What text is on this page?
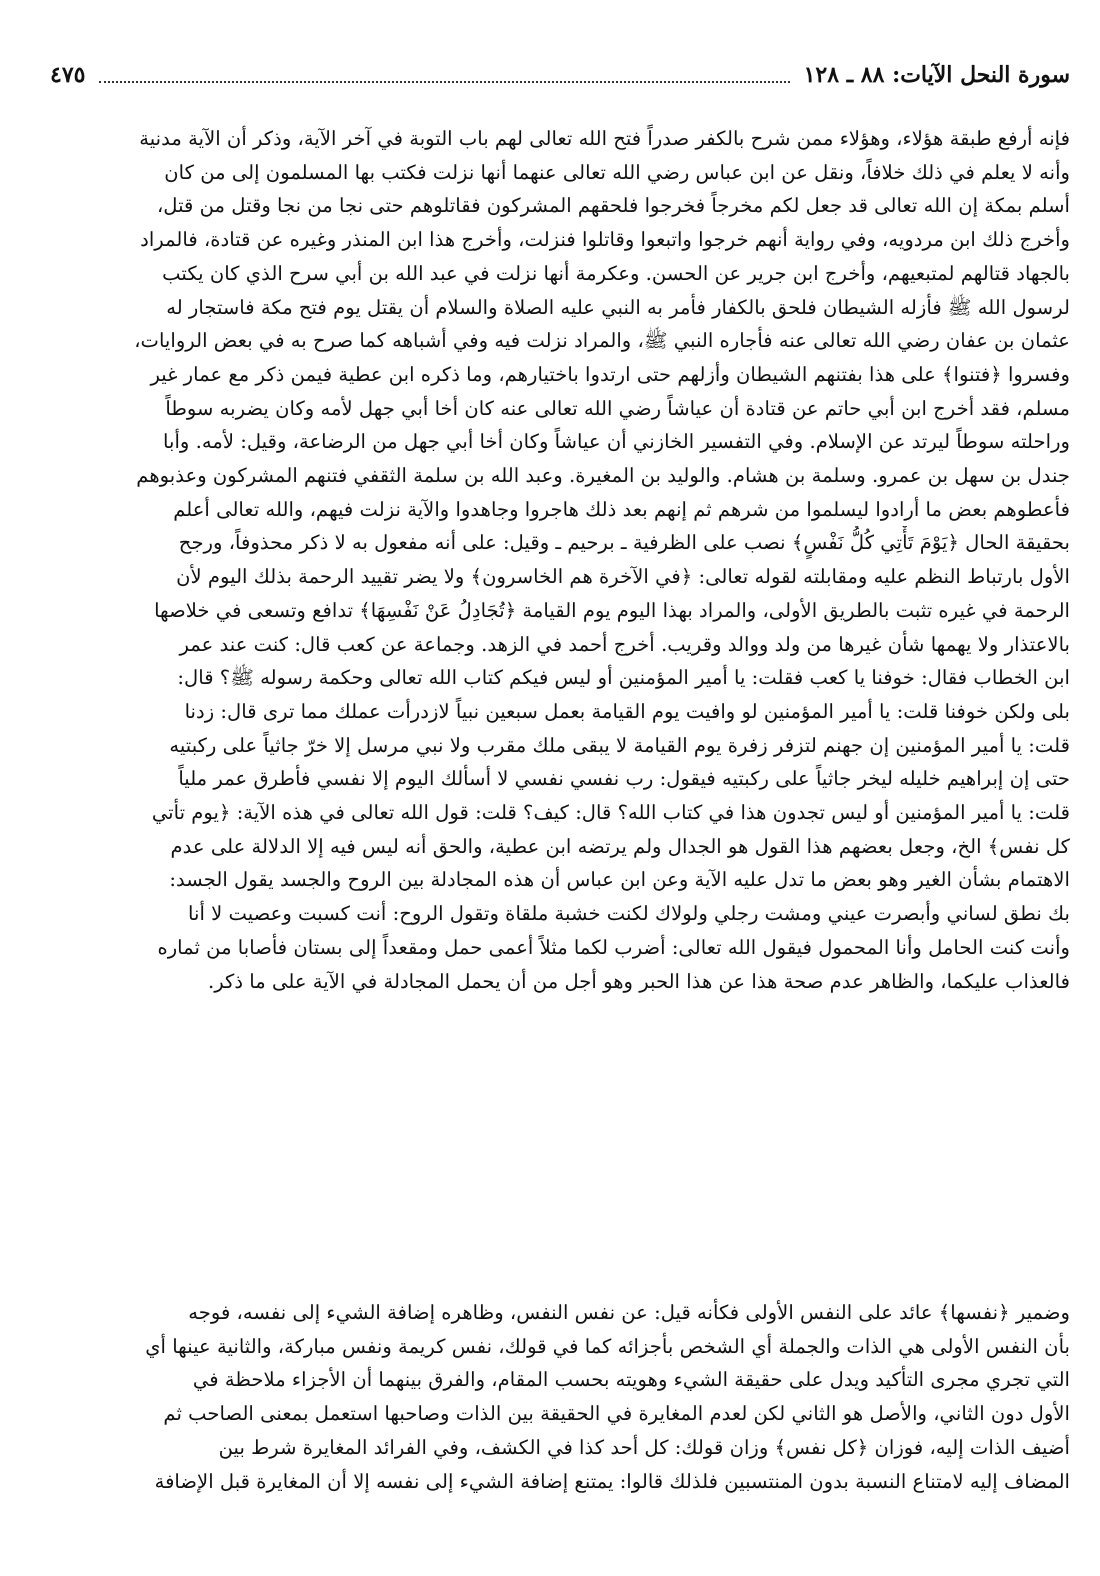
سورة النحل الآيات: ٨٨ ـ ١٢٨
٤٧٥
فإنه أرفع طبقة هؤلاء، وهؤلاء ممن شرح بالكفر صدراً فتح الله تعالى لهم باب التوبة في آخر الآية، وذكر أن الآية مدنية
وأنه لا يعلم في ذلك خلافاً، ونقل عن ابن عباس رضي الله تعالى عنهما أنها نزلت فكتب بها المسلمون إلى من كان
أسلم بمكة إن الله تعالى قد جعل لكم مخرجاً فخرجوا فلحقهم المشركون فقاتلوهم حتى نجا من نجا وقتل من قتل،
وأخرج ذلك ابن مردويه، وفي رواية أنهم خرجوا واتبعوا وقاتلوا فنزلت، وأخرج هذا ابن المنذر وغيره عن قتادة، فالمراد
بالجهاد قتالهم لمتبعيهم، وأخرج ابن جرير عن الحسن. وعكرمة أنها نزلت في عبد الله بن أبي سرح الذي كان يكتب
لرسول الله ﷺ فأزله الشيطان فلحق بالكفار فأمر به النبي عليه الصلاة والسلام أن يقتل يوم فتح مكة فاستجار له
عثمان بن عفان رضي الله تعالى عنه فأجاره النبي ﷺ، والمراد نزلت فيه وفي أشباهه كما صرح به في بعض الروايات،
وفسروا ﴿فتنوا﴾ على هذا بفتنهم الشيطان وأزلهم حتى ارتدوا باختيارهم، وما ذكره ابن عطية فيمن ذكر مع عمار غير
مسلم، فقد أخرج ابن أبي حاتم عن قتادة أن عياشاً رضي الله تعالى عنه كان أخا أبي جهل لأمه وكان يضربه سوطاً
وراحلته سوطاً ليرتد عن الإسلام. وفي التفسير الخازني أن عياشاً وكان أخا أبي جهل من الرضاعة، وقيل: لأمه. وأبا
جندل بن سهل بن عمرو. وسلمة بن هشام. والوليد بن المغيرة. وعبد الله بن سلمة الثقفي فتنهم المشركون وعذبوهم
فأعطوهم بعض ما أرادوا ليسلموا من شرهم ثم إنهم بعد ذلك هاجروا وجاهدوا والآية نزلت فيهم، والله تعالى أعلم
بحقيقة الحال ﴿يَوْمَ تَأْتِي كُلُّ نَفْسٍ﴾ نصب على الظرفية ـ برحيم ـ وقيل: على أنه مفعول به لا ذكر محذوفاً، ورجح
الأول بارتباط النظم عليه ومقابلته لقوله تعالى: ﴿في الآخرة هم الخاسرون﴾ ولا يضر تقييد الرحمة بذلك اليوم لأن
الرحمة في غيره تثبت بالطريق الأولى، والمراد بهذا اليوم يوم القيامة ﴿تُجَادِلُ عَنْ نَفْسِهَا﴾ تدافع وتسعى في خلاصها
بالاعتذار ولا يهمها شأن غيرها من ولد ووالد وقريب. أخرج أحمد في الزهد. وجماعة عن كعب قال: كنت عند عمر
ابن الخطاب فقال: خوفنا يا كعب فقلت: يا أمير المؤمنين أو ليس فيكم كتاب الله تعالى وحكمة رسوله ﷺ؟ قال:
بلى ولكن خوفنا قلت: يا أمير المؤمنين لو وافيت يوم القيامة بعمل سبعين نبياً لازدرأت عملك مما ترى قال: زدنا
قلت: يا أمير المؤمنين إن جهنم لتزفر زفرة يوم القيامة لا يبقى ملك مقرب ولا نبي مرسل إلا خرّ جاثياً على ركبتيه
حتى إن إبراهيم خليله ليخر جاثياً على ركبتيه فيقول: رب نفسي نفسي لا أسألك اليوم إلا نفسي فأطرق عمر ملياً
قلت: يا أمير المؤمنين أو ليس تجدون هذا في كتاب الله؟ قال: كيف؟ قلت: قول الله تعالى في هذه الآية: ﴿يوم تأتي
كل نفس﴾ الخ، وجعل بعضهم هذا القول هو الجدال ولم يرتضه ابن عطية، والحق أنه ليس فيه إلا الدلالة على عدم
الاهتمام بشأن الغير وهو بعض ما تدل عليه الآية وعن ابن عباس أن هذه المجادلة بين الروح والجسد يقول الجسد:
بك نطق لساني وأبصرت عيني ومشت رجلي ولولاك لكنت خشبة ملقاة وتقول الروح: أنت كسبت وعصيت لا أنا
وأنت كنت الحامل وأنا المحمول فيقول الله تعالى: أضرب لكما مثلاً أعمى حمل ومقعداً إلى بستان فأصابا من ثماره
فالعذاب عليكما، والظاهر عدم صحة هذا عن هذا الحبر وهو أجل من أن يحمل المجادلة في الآية على ما ذكر.
وضمير ﴿نفسها﴾ عائد على النفس الأولى فكأنه قيل: عن نفس النفس، وظاهره إضافة الشيء إلى نفسه، فوجه
بأن النفس الأولى هي الذات والجملة أي الشخص بأجزائه كما في قولك، نفس كريمة ونفس مباركة، والثانية عينها أي
التي تجري مجرى التأكيد ويدل على حقيقة الشيء وهويته بحسب المقام، والفرق بينهما أن الأجزاء ملاحظة في
الأول دون الثاني، والأصل هو الثاني لكن لعدم المغايرة في الحقيقة بين الذات وصاحبها استعمل بمعنى الصاحب ثم
أضيف الذات إليه، فوزان ﴿كل نفس﴾ وزان قولك: كل أحد كذا في الكشف، وفي الفرائد المغايرة شرط بين
المضاف إليه لامتناع النسبة بدون المنتسبين فلذلك قالوا: يمتنع إضافة الشيء إلى نفسه إلا أن المغايرة قبل الإضافة
